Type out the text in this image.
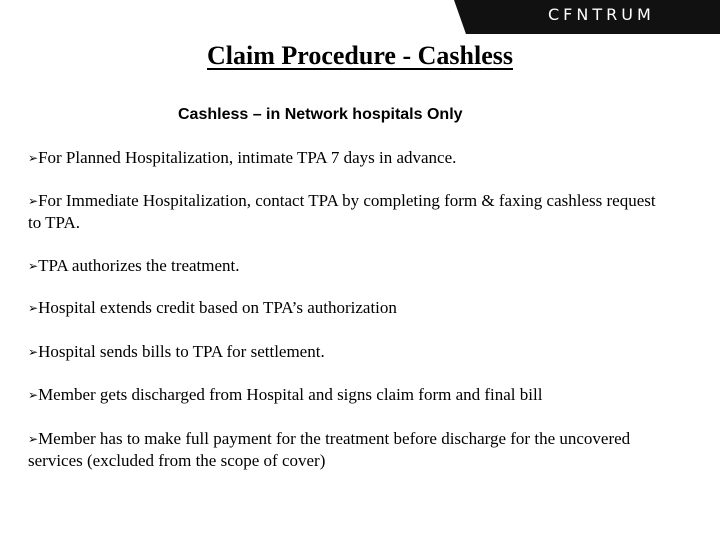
CFNTRUM
Claim Procedure - Cashless
Cashless – in Network hospitals Only
➢For Planned Hospitalization, intimate TPA 7 days in advance.
➢For Immediate Hospitalization, contact TPA by completing form & faxing cashless request to TPA.
➢TPA authorizes the treatment.
➢Hospital extends credit based on TPA’s authorization
➢Hospital sends bills to TPA for settlement.
➢Member gets discharged from Hospital and signs claim form and final bill
➢Member has to make full payment for the treatment before discharge for the uncovered services (excluded from the scope of cover)
